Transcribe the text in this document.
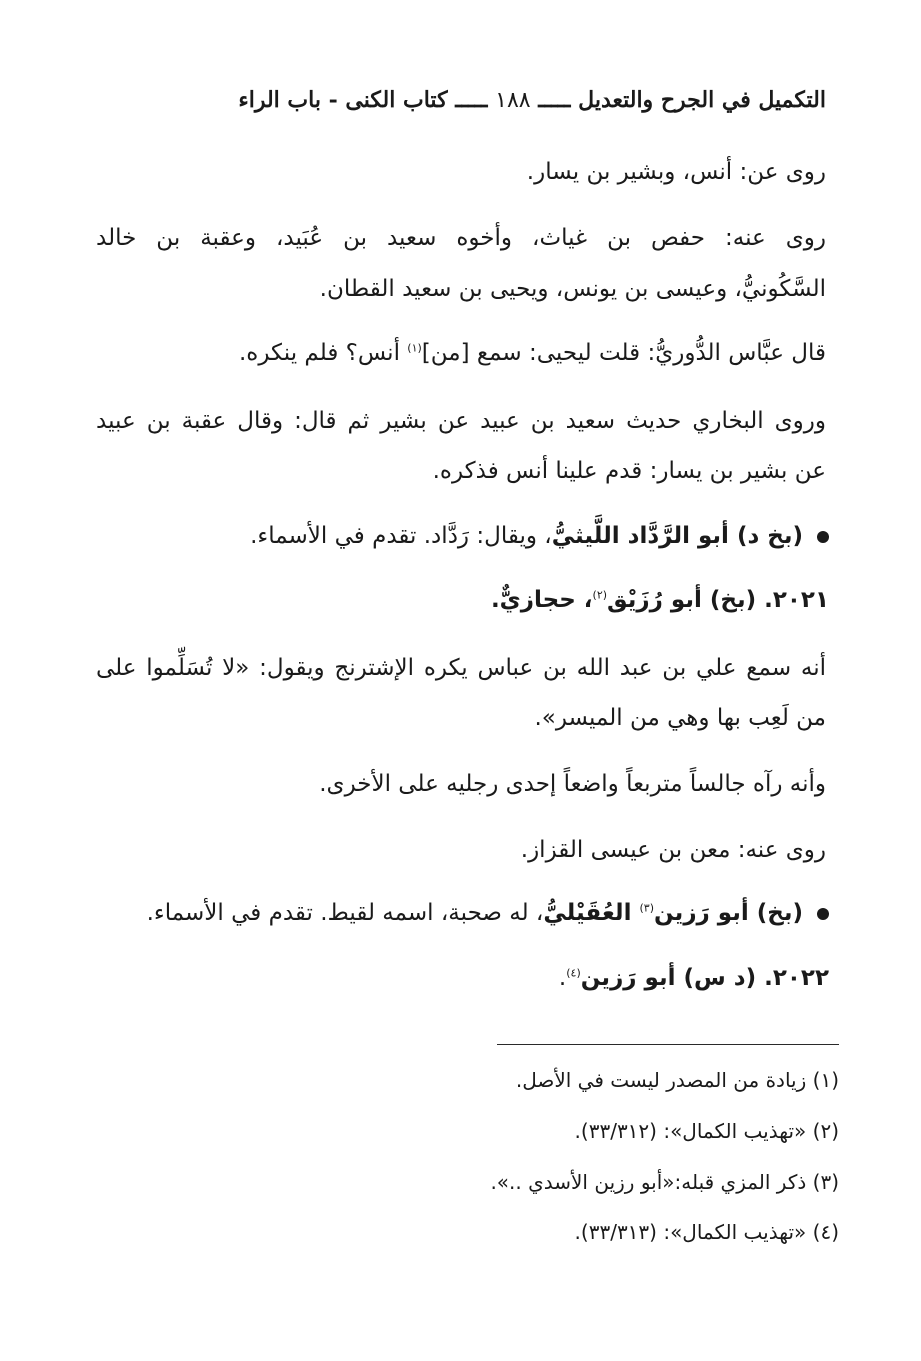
التكميل في الجرح والتعديل ـــــ ١٨٨ ـــــ كتاب الكنى - باب الراء
روى عن: أنس، وبشير بن يسار.
روى عنه: حفص بن غياث، وأخوه سعيد بن عُبَيد، وعقبة بن خالد
السَّكُونيُّ، وعيسى بن يونس، ويحيى بن سعيد القطان.
قال عبَّاس الدُّوريُّ: قلت ليحيى: سمع [من]$^{(١)}$ أنس؟ فلم ينكره.
وروى البخاري حديث سعيد بن عبيد عن بشير ثم قال: وقال عقبة بن عبيد
عن بشير بن يسار: قدم علينا أنس فذكره.
(بخ د) أبو الرَّدَّاد اللَّيثيُّ، ويقال: رَدَّاد. تقدم في الأسماء.
٢٠٢١. (بخ) أبو رُزَيْق$^{(٢)}$، حجازيٌّ.
أنه سمع علي بن عبد الله بن عباس يكره الإشترنج ويقول: «لا تُسَلِّموا على
من لَعِب بها وهي من الميسر».
وأنه رآه جالساً متربعاً واضعاً إحدى رجليه على الأخرى.
روى عنه: معن بن عيسى القزاز.
(بخ) أبو رَزين$^{(٣)}$ العُقَيْليُّ، له صحبة، اسمه لقيط. تقدم في الأسماء.
٢٠٢٢. (د س) أبو رَزين$^{(٤)}$.
(١) زيادة من المصدر ليست في الأصل.
(٢) «تهذيب الكمال»: (٣٣/٣١٢).
(٣) ذكر المزي قبله:«أبو رزين الأسدي ..».
(٤) «تهذيب الكمال»: (٣٣/٣١٣).
